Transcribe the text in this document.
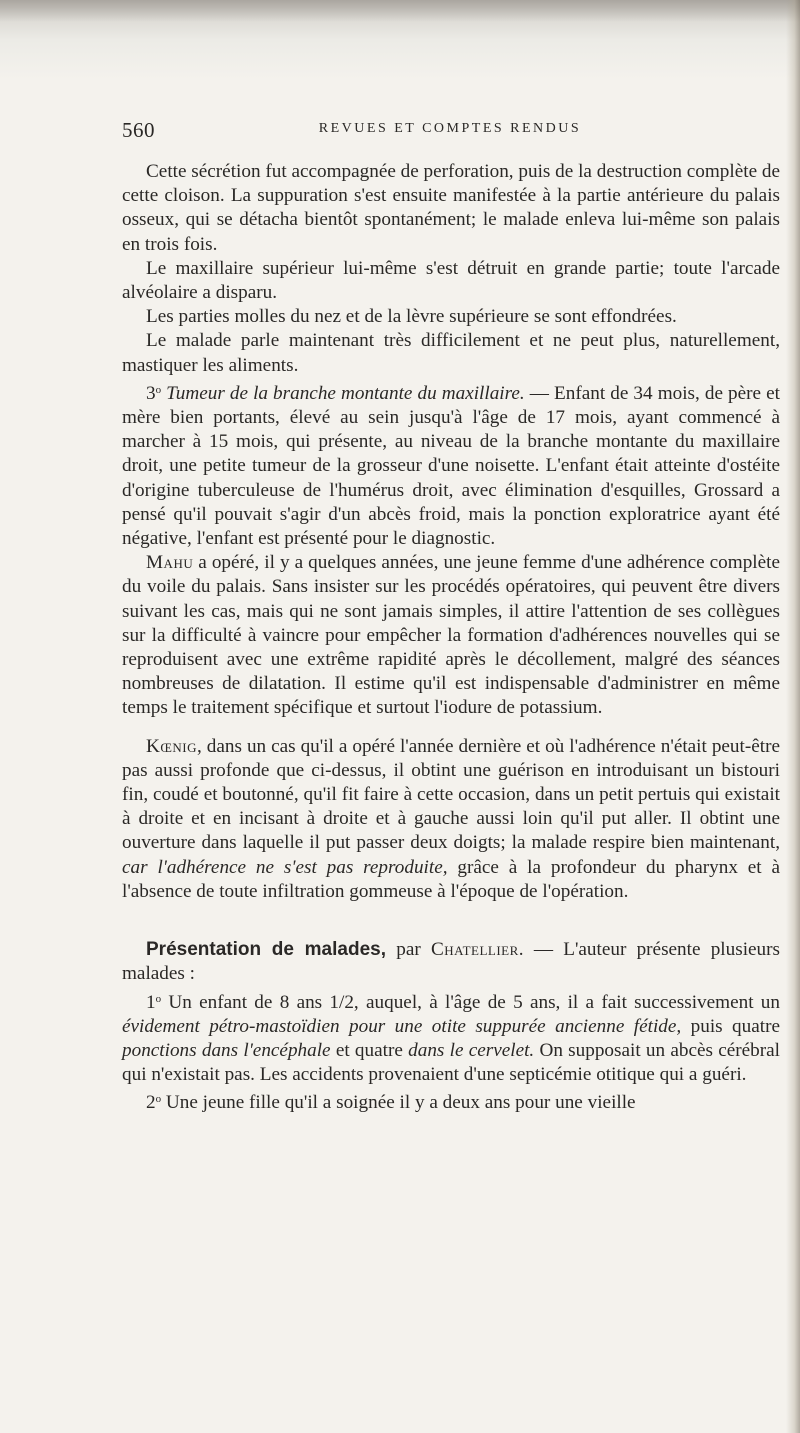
560	REVUES ET COMPTES RENDUS

Cette sécrétion fut accompagnée de perforation, puis de la destruction complète de cette cloison. La suppuration s'est ensuite manifestée à la partie antérieure du palais osseux, qui se détacha bientôt spontanément; le malade enleva lui-même son palais en trois fois.

Le maxillaire supérieur lui-même s'est détruit en grande partie; toute l'arcade alvéolaire a disparu.

Les parties molles du nez et de la lèvre supérieure se sont effondrées.

Le malade parle maintenant très difficilement et ne peut plus, naturellement, mastiquer les aliments.

3$^o$ Tumeur de la branche montante du maxillaire. — Enfant de 34 mois, de père et mère bien portants, élevé au sein jusqu'à l'âge de 17 mois, ayant commencé à marcher à 15 mois, qui présente, au niveau de la branche montante du maxillaire droit, une petite tumeur de la grosseur d'une noisette. L'enfant était atteinte d'ostéite d'origine tuberculeuse de l'humérus droit, avec élimination d'esquilles, Grossard a pensé qu'il pouvait s'agir d'un abcès froid, mais la ponction exploratrice ayant été négative, l'enfant est présenté pour le diagnostic.

Mahu a opéré, il y a quelques années, une jeune femme d'une adhérence complète du voile du palais. Sans insister sur les procédés opératoires, qui peuvent être divers suivant les cas, mais qui ne sont jamais simples, il attire l'attention de ses collègues sur la difficulté à vaincre pour empêcher la formation d'adhérences nouvelles qui se reproduisent avec une extrême rapidité après le décollement, malgré des séances nombreuses de dilatation. Il estime qu'il est indispensable d'administrer en même temps le traitement spécifique et surtout l'iodure de potassium.

Kœnig, dans un cas qu'il a opéré l'année dernière et où l'adhérence n'était peut-être pas aussi profonde que ci-dessus, il obtint une guérison en introduisant un bistouri fin, coudé et boutonné, qu'il fit faire à cette occasion, dans un petit pertuis qui existait à droite et en incisant à droite et à gauche aussi loin qu'il put aller. Il obtint une ouverture dans laquelle il put passer deux doigts; la malade respire bien maintenant, car l'adhérence ne s'est pas reproduite, grâce à la profondeur du pharynx et à l'absence de toute infiltration gommeuse à l'époque de l'opération.

Présentation de malades, par Chatellier. — L'auteur présente plusieurs malades :

1$^o$ Un enfant de 8 ans 1/2, auquel, à l'âge de 5 ans, il a fait successivement un évidement pétro-mastoïdien pour une otite suppurée ancienne fétide, puis quatre ponctions dans l'encéphale et quatre dans le cervelet. On supposait un abcès cérébral qui n'existait pas. Les accidents provenaient d'une septicémie otitique qui a guéri.

2$^o$ Une jeune fille qu'il a soignée il y a deux ans pour une vieille
